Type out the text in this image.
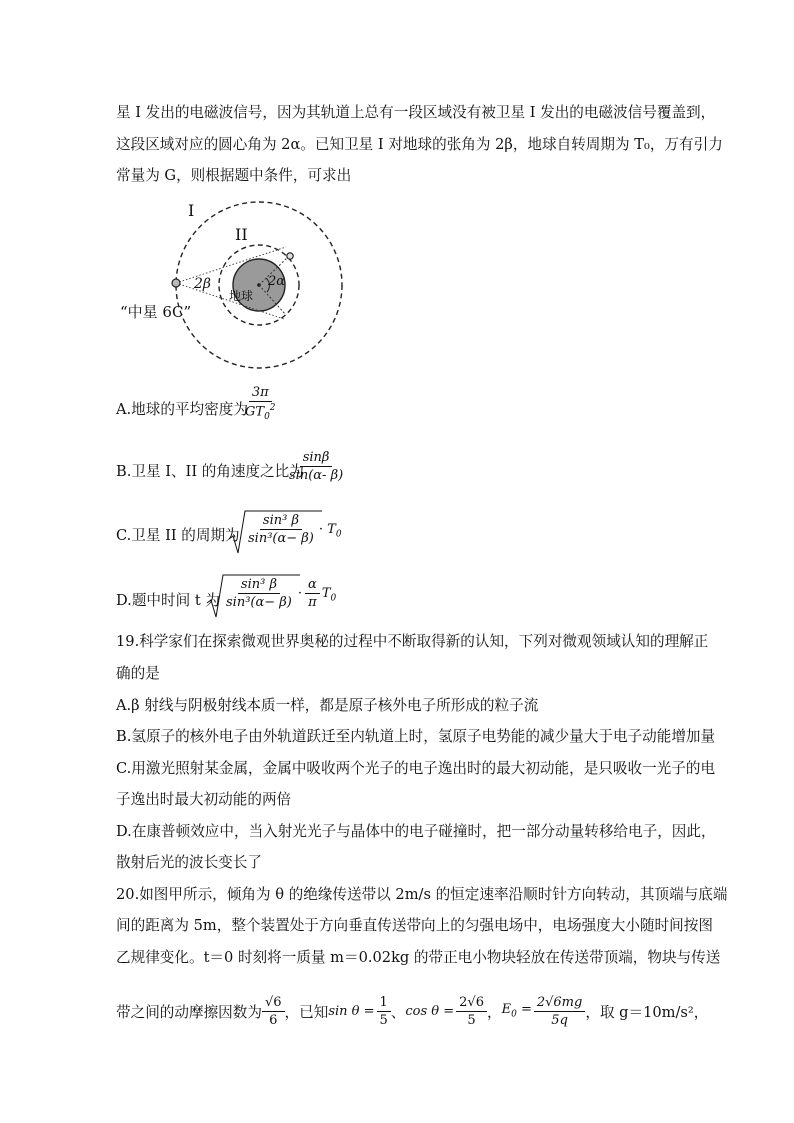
星 I 发出的电磁波信号，因为其轨道上总有一段区域没有被卫星 I 发出的电磁波信号覆盖到，
这段区域对应的圆心角为 2α。已知卫星 I 对地球的张角为 2β，地球自转周期为 T₀，万有引力
常量为 G，则根据题中条件，可求出
I
II
2β	2α
地球
“中星 6C”
A.地球的平均密度为
$\frac{3\pi}{GT_0^2}$
B.卫星 I、II 的角速度之比为
$\frac{\sin\beta}{\sin(\alpha- \beta)}$
C.卫星 II 的周期为 $\frac{\text{sin³ β}}{\text{sin³(α− β)}} \cdot T_0$
D.题中时间 t 为 $\frac{\text{sin³ β}}{\text{sin³(α− β)}} \cdot \frac{\alpha}{\pi} T_0$
19.科学家们在探索微观世界奥秘的过程中不断取得新的认知，下列对微观领域认知的理解正
确的是
A.β 射线与阴极射线本质一样，都是原子核外电子所形成的粒子流
B.氢原子的核外电子由外轨道跃迁至内轨道上时，氢原子电势能的减少量大于电子动能增加量
C.用激光照射某金属，金属中吸收两个光子的电子逸出时的最大初动能，是只吸收一光子的电
子逸出时最大初动能的两倍
D.在康普顿效应中，当入射光光子与晶体中的电子碰撞时，把一部分动量转移给电子，因此，
散射后光的波长变长了
20.如图甲所示，倾角为 θ 的绝缘传送带以 2m/s 的恒定速率沿顺时针方向转动，其顶端与底端
间的距离为 5m，整个装置处于方向垂直传送带向上的匀强电场中，电场强度大小随时间按图
乙规律变化。t＝0 时刻将一质量 m＝0.02kg 的带正电小物块轻放在传送带顶端，物块与传送
带之间的动摩擦因数为 $\frac{√6}{6}$ ，已知 $\sin \theta = \frac{1}{5}$ 、 $\cos \theta = \frac{2√6}{5}$ ， $E_0 = \frac{2√6mg}{5q}$ ，取 g＝10m/s²，
